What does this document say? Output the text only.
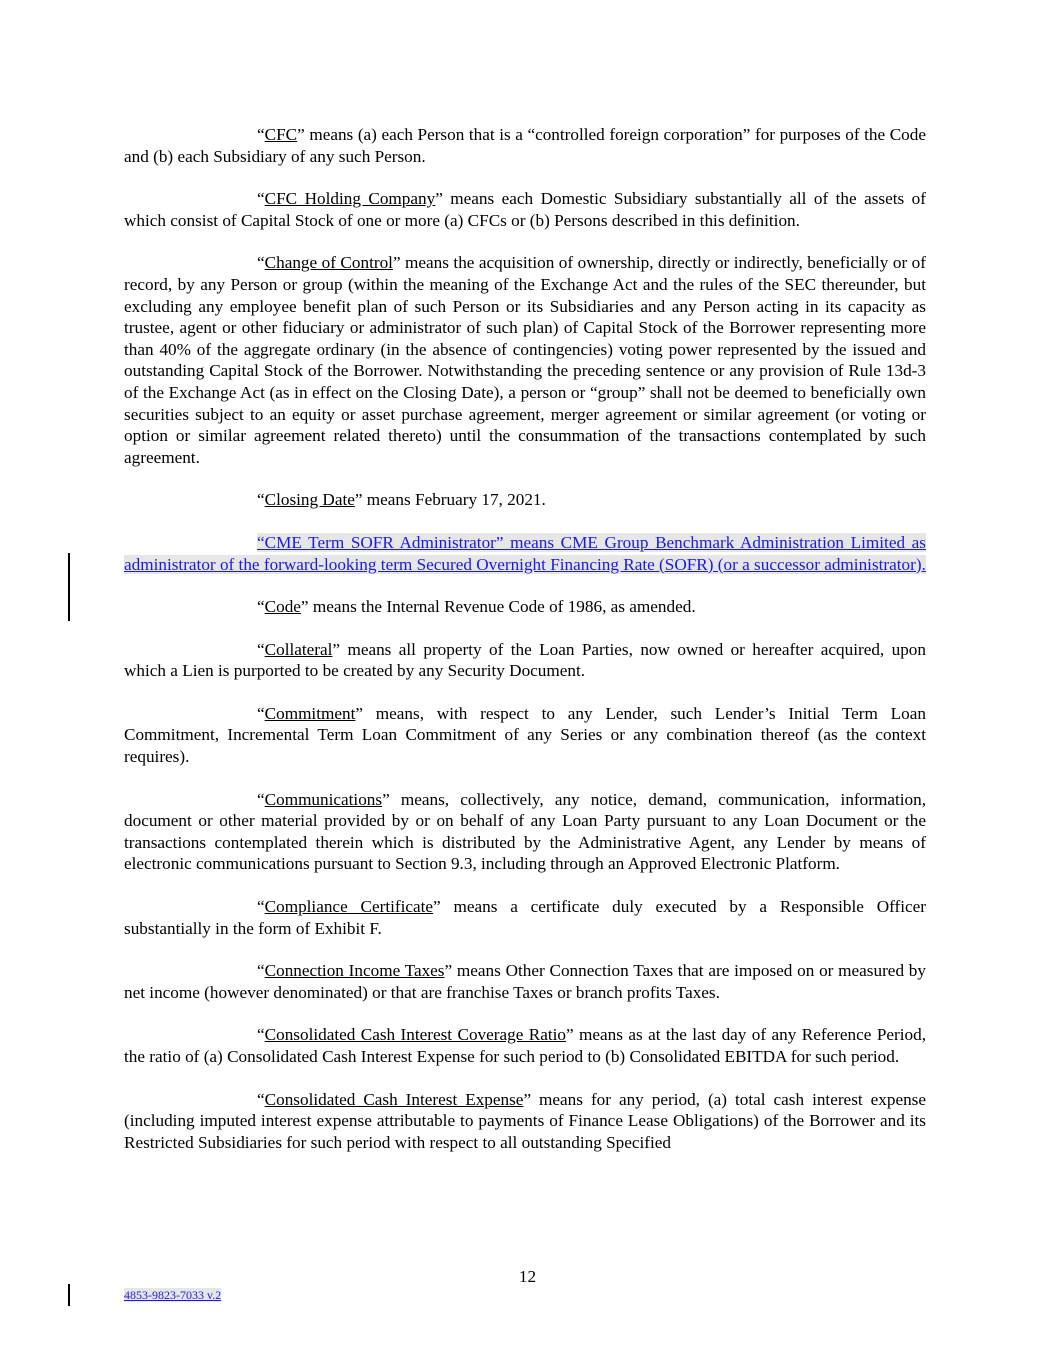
“CFC” means (a) each Person that is a “controlled foreign corporation” for purposes of the Code and (b) each Subsidiary of any such Person.

“CFC Holding Company” means each Domestic Subsidiary substantially all of the assets of which consist of Capital Stock of one or more (a) CFCs or (b) Persons described in this definition.

“Change of Control” means the acquisition of ownership, directly or indirectly, beneficially or of record, by any Person or group (within the meaning of the Exchange Act and the rules of the SEC thereunder, but excluding any employee benefit plan of such Person or its Subsidiaries and any Person acting in its capacity as trustee, agent or other fiduciary or administrator of such plan) of Capital Stock of the Borrower representing more than 40% of the aggregate ordinary (in the absence of contingencies) voting power represented by the issued and outstanding Capital Stock of the Borrower. Notwithstanding the preceding sentence or any provision of Rule 13d-3 of the Exchange Act (as in effect on the Closing Date), a person or “group” shall not be deemed to beneficially own securities subject to an equity or asset purchase agreement, merger agreement or similar agreement (or voting or option or similar agreement related thereto) until the consummation of the transactions contemplated by such agreement.

“Closing Date” means February 17, 2021.

“CME Term SOFR Administrator” means CME Group Benchmark Administration Limited as administrator of the forward-looking term Secured Overnight Financing Rate (SOFR) (or a successor administrator).

“Code” means the Internal Revenue Code of 1986, as amended.

“Collateral” means all property of the Loan Parties, now owned or hereafter acquired, upon which a Lien is purported to be created by any Security Document.

“Commitment” means, with respect to any Lender, such Lender’s Initial Term Loan Commitment, Incremental Term Loan Commitment of any Series or any combination thereof (as the context requires).

“Communications” means, collectively, any notice, demand, communication, information, document or other material provided by or on behalf of any Loan Party pursuant to any Loan Document or the transactions contemplated therein which is distributed by the Administrative Agent, any Lender by means of electronic communications pursuant to Section 9.3, including through an Approved Electronic Platform.

“Compliance Certificate” means a certificate duly executed by a Responsible Officer substantially in the form of Exhibit F.

“Connection Income Taxes” means Other Connection Taxes that are imposed on or measured by net income (however denominated) or that are franchise Taxes or branch profits Taxes.

“Consolidated Cash Interest Coverage Ratio” means as at the last day of any Reference Period, the ratio of (a) Consolidated Cash Interest Expense for such period to (b) Consolidated EBITDA for such period.

“Consolidated Cash Interest Expense” means for any period, (a) total cash interest expense (including imputed interest expense attributable to payments of Finance Lease Obligations) of the Borrower and its Restricted Subsidiaries for such period with respect to all outstanding Specified

12
4853-9823-7033 v.2
